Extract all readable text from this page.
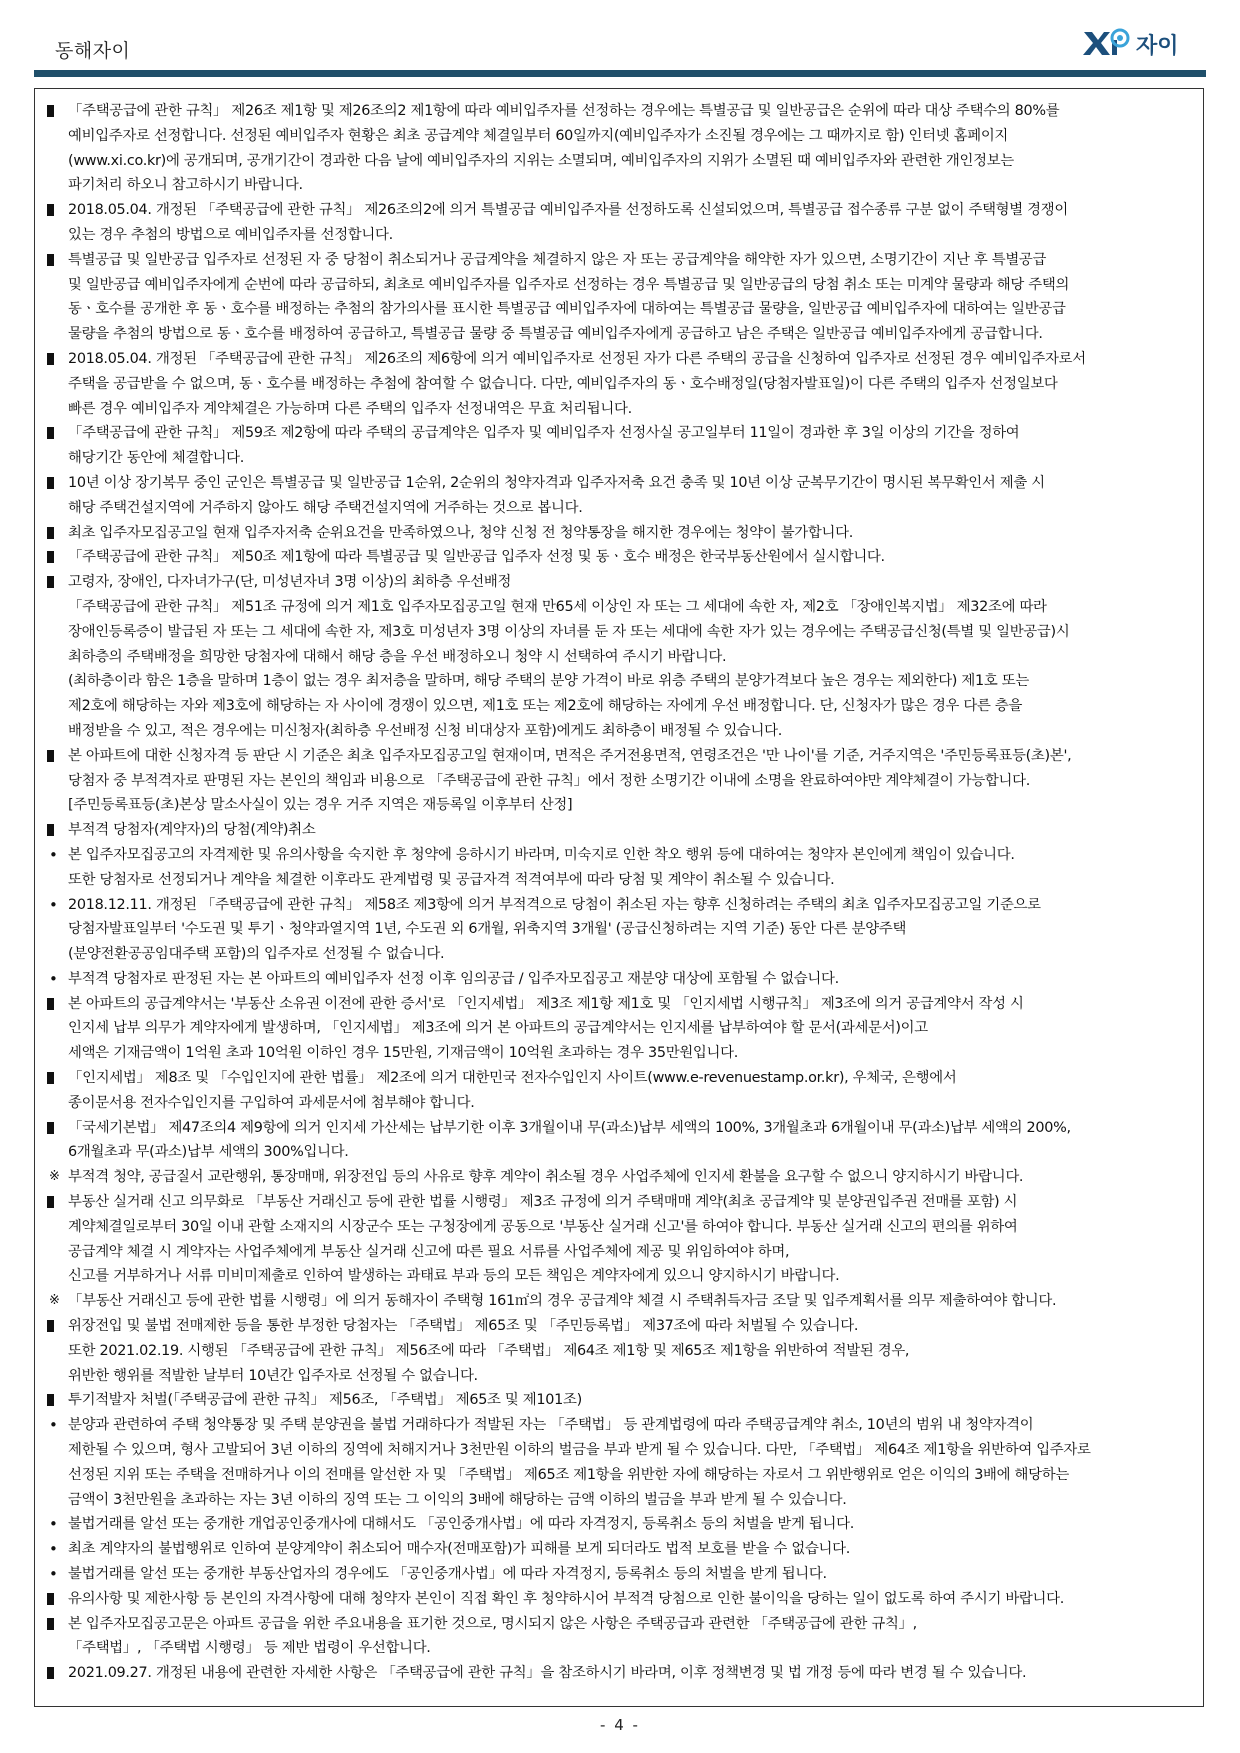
동해자이	자이
「주택공급에 관한 규칙」 제26조 제1항 및 제26조의2 제1항에 따라 예비입주자를 선정하는 경우에는 특별공급 및 일반공급은 순위에 따라 대상 주택수의 80%를
예비입주자로 선정합니다. 선정된 예비입주자 현황은 최초 공급계약 체결일부터 60일까지(예비입주자가 소진될 경우에는 그 때까지로 함) 인터넷 홈페이지
(www.xi.co.kr)에 공개되며, 공개기간이 경과한 다음 날에 예비입주자의 지위는 소멸되며, 예비입주자의 지위가 소멸된 때 예비입주자와 관련한 개인정보는
파기처리 하오니 참고하시기 바랍니다.
2018.05.04. 개정된 「주택공급에 관한 규칙」 제26조의2에 의거 특별공급 예비입주자를 선정하도록 신설되었으며, 특별공급 접수종류 구분 없이 주택형별 경쟁이
있는 경우 추첨의 방법으로 예비입주자를 선정합니다.
특별공급 및 일반공급 입주자로 선정된 자 중 당첨이 취소되거나 공급계약을 체결하지 않은 자 또는 공급계약을 해약한 자가 있으면, 소명기간이 지난 후 특별공급
및 일반공급 예비입주자에게 순번에 따라 공급하되, 최초로 예비입주자를 입주자로 선정하는 경우 특별공급 및 일반공급의 당첨 취소 또는 미계약 물량과 해당 주택의
동ㆍ호수를 공개한 후 동ㆍ호수를 배정하는 추첨의 참가의사를 표시한 특별공급 예비입주자에 대하여는 특별공급 물량을, 일반공급 예비입주자에 대하여는 일반공급
물량을 추첨의 방법으로 동ㆍ호수를 배정하여 공급하고, 특별공급 물량 중 특별공급 예비입주자에게 공급하고 남은 주택은 일반공급 예비입주자에게 공급합니다.
2018.05.04. 개정된 「주택공급에 관한 규칙」 제26조의 제6항에 의거 예비입주자로 선정된 자가 다른 주택의 공급을 신청하여 입주자로 선정된 경우 예비입주자로서
주택을 공급받을 수 없으며, 동ㆍ호수를 배정하는 추첨에 참여할 수 없습니다. 다만, 예비입주자의 동ㆍ호수배정일(당첨자발표일)이 다른 주택의 입주자 선정일보다
빠른 경우 예비입주자 계약체결은 가능하며 다른 주택의 입주자 선정내역은 무효 처리됩니다.
「주택공급에 관한 규칙」 제59조 제2항에 따라 주택의 공급계약은 입주자 및 예비입주자 선정사실 공고일부터 11일이 경과한 후 3일 이상의 기간을 정하여
해당기간 동안에 체결합니다.
10년 이상 장기복무 중인 군인은 특별공급 및 일반공급 1순위, 2순위의 청약자격과 입주자저축 요건 충족 및 10년 이상 군복무기간이 명시된 복무확인서 제출 시
해당 주택건설지역에 거주하지 않아도 해당 주택건설지역에 거주하는 것으로 봅니다.
최초 입주자모집공고일 현재 입주자저축 순위요건을 만족하였으나, 청약 신청 전 청약통장을 해지한 경우에는 청약이 불가합니다.
「주택공급에 관한 규칙」 제50조 제1항에 따라 특별공급 및 일반공급 입주자 선정 및 동ㆍ호수 배정은 한국부동산원에서 실시합니다.
고령자, 장애인, 다자녀가구(단, 미성년자녀 3명 이상)의 최하층 우선배정
「주택공급에 관한 규칙」 제51조 규정에 의거 제1호 입주자모집공고일 현재 만65세 이상인 자 또는 그 세대에 속한 자, 제2호 「장애인복지법」 제32조에 따라
장애인등록증이 발급된 자 또는 그 세대에 속한 자, 제3호 미성년자 3명 이상의 자녀를 둔 자 또는 세대에 속한 자가 있는 경우에는 주택공급신청(특별 및 일반공급)시
최하층의 주택배정을 희망한 당첨자에 대해서 해당 층을 우선 배정하오니 청약 시 선택하여 주시기 바랍니다.
(최하층이라 함은 1층을 말하며 1층이 없는 경우 최저층을 말하며, 해당 주택의 분양 가격이 바로 위층 주택의 분양가격보다 높은 경우는 제외한다) 제1호 또는
제2호에 해당하는 자와 제3호에 해당하는 자 사이에 경쟁이 있으면, 제1호 또는 제2호에 해당하는 자에게 우선 배정합니다. 단, 신청자가 많은 경우 다른 층을
배정받을 수 있고, 적은 경우에는 미신청자(최하층 우선배정 신청 비대상자 포함)에게도 최하층이 배정될 수 있습니다.
본 아파트에 대한 신청자격 등 판단 시 기준은 최초 입주자모집공고일 현재이며, 면적은 주거전용면적, 연령조건은 '만 나이'를 기준, 거주지역은 '주민등록표등(초)본',
당첨자 중 부적격자로 판명된 자는 본인의 책임과 비용으로 「주택공급에 관한 규칙」에서 정한 소명기간 이내에 소명을 완료하여야만 계약체결이 가능합니다.
[주민등록표등(초)본상 말소사실이 있는 경우 거주 지역은 재등록일 이후부터 산정]
부적격 당첨자(계약자)의 당첨(계약)취소
• 본 입주자모집공고의 자격제한 및 유의사항을 숙지한 후 청약에 응하시기 바라며, 미숙지로 인한 착오 행위 등에 대하여는 청약자 본인에게 책임이 있습니다.
또한 당첨자로 선정되거나 계약을 체결한 이후라도 관계법령 및 공급자격 적격여부에 따라 당첨 및 계약이 취소될 수 있습니다.
• 2018.12.11. 개정된 「주택공급에 관한 규칙」 제58조 제3항에 의거 부적격으로 당첨이 취소된 자는 향후 신청하려는 주택의 최초 입주자모집공고일 기준으로
당첨자발표일부터 '수도권 및 투기ㆍ청약과열지역 1년, 수도권 외 6개월, 위축지역 3개월' (공급신청하려는 지역 기준) 동안 다른 분양주택
(분양전환공공임대주택 포함)의 입주자로 선정될 수 없습니다.
• 부적격 당첨자로 판정된 자는 본 아파트의 예비입주자 선정 이후 임의공급 / 입주자모집공고 재분양 대상에 포함될 수 없습니다.
본 아파트의 공급계약서는 '부동산 소유권 이전에 관한 증서'로 「인지세법」 제3조 제1항 제1호 및 「인지세법 시행규칙」 제3조에 의거 공급계약서 작성 시
인지세 납부 의무가 계약자에게 발생하며, 「인지세법」 제3조에 의거 본 아파트의 공급계약서는 인지세를 납부하여야 할 문서(과세문서)이고
세액은 기재금액이 1억원 초과 10억원 이하인 경우 15만원, 기재금액이 10억원 초과하는 경우 35만원입니다.
「인지세법」 제8조 및 「수입인지에 관한 법률」 제2조에 의거 대한민국 전자수입인지 사이트(www.e-revenuestamp.or.kr), 우체국, 은행에서
종이문서용 전자수입인지를 구입하여 과세문서에 첨부해야 합니다.
「국세기본법」 제47조의4 제9항에 의거 인지세 가산세는 납부기한 이후 3개월이내 무(과소)납부 세액의 100%, 3개월초과 6개월이내 무(과소)납부 세액의 200%,
6개월초과 무(과소)납부 세액의 300%입니다.
※ 부적격 청약, 공급질서 교란행위, 통장매매, 위장전입 등의 사유로 향후 계약이 취소될 경우 사업주체에 인지세 환불을 요구할 수 없으니 양지하시기 바랍니다.
부동산 실거래 신고 의무화로 「부동산 거래신고 등에 관한 법률 시행령」 제3조 규정에 의거 주택매매 계약(최초 공급계약 및 분양권입주권 전매를 포함) 시
계약체결일로부터 30일 이내 관할 소재지의 시장군수 또는 구청장에게 공동으로 '부동산 실거래 신고'를 하여야 합니다. 부동산 실거래 신고의 편의를 위하여
공급계약 체결 시 계약자는 사업주체에게 부동산 실거래 신고에 따른 필요 서류를 사업주체에 제공 및 위임하여야 하며,
신고를 거부하거나 서류 미비미제출로 인하여 발생하는 과태료 부과 등의 모든 책임은 계약자에게 있으니 양지하시기 바랍니다.
※ 「부동산 거래신고 등에 관한 법률 시행령」에 의거 동해자이 주택형 161㎡의 경우 공급계약 체결 시 주택취득자금 조달 및 입주계획서를 의무 제출하여야 합니다.
위장전입 및 불법 전매제한 등을 통한 부정한 당첨자는 「주택법」 제65조 및 「주민등록법」 제37조에 따라 처벌될 수 있습니다.
또한 2021.02.19. 시행된 「주택공급에 관한 규칙」 제56조에 따라 「주택법」 제64조 제1항 및 제65조 제1항을 위반하여 적발된 경우,
위반한 행위를 적발한 날부터 10년간 입주자로 선정될 수 없습니다.
투기적발자 처벌(「주택공급에 관한 규칙」 제56조, 「주택법」 제65조 및 제101조)
• 분양과 관련하여 주택 청약통장 및 주택 분양권을 불법 거래하다가 적발된 자는 「주택법」 등 관계법령에 따라 주택공급계약 취소, 10년의 범위 내 청약자격이
제한될 수 있으며, 형사 고발되어 3년 이하의 징역에 처해지거나 3천만원 이하의 벌금을 부과 받게 될 수 있습니다. 다만, 「주택법」 제64조 제1항을 위반하여 입주자로
선정된 지위 또는 주택을 전매하거나 이의 전매를 알선한 자 및 「주택법」 제65조 제1항을 위반한 자에 해당하는 자로서 그 위반행위로 얻은 이익의 3배에 해당하는
금액이 3천만원을 초과하는 자는 3년 이하의 징역 또는 그 이익의 3배에 해당하는 금액 이하의 벌금을 부과 받게 될 수 있습니다.
• 불법거래를 알선 또는 중개한 개업공인중개사에 대해서도 「공인중개사법」에 따라 자격정지, 등록취소 등의 처벌을 받게 됩니다.
• 최초 계약자의 불법행위로 인하여 분양계약이 취소되어 매수자(전매포함)가 피해를 보게 되더라도 법적 보호를 받을 수 없습니다.
• 불법거래를 알선 또는 중개한 부동산업자의 경우에도 「공인중개사법」에 따라 자격정지, 등록취소 등의 처벌을 받게 됩니다.
유의사항 및 제한사항 등 본인의 자격사항에 대해 청약자 본인이 직접 확인 후 청약하시어 부적격 당첨으로 인한 불이익을 당하는 일이 없도록 하여 주시기 바랍니다.
본 입주자모집공고문은 아파트 공급을 위한 주요내용을 표기한 것으로, 명시되지 않은 사항은 주택공급과 관련한 「주택공급에 관한 규칙」,
「주택법」, 「주택법 시행령」 등 제반 법령이 우선합니다.
2021.09.27. 개정된 내용에 관련한 자세한 사항은 「주택공급에 관한 규칙」을 참조하시기 바라며, 이후 정책변경 및 법 개정 등에 따라 변경 될 수 있습니다.
- 4 -
